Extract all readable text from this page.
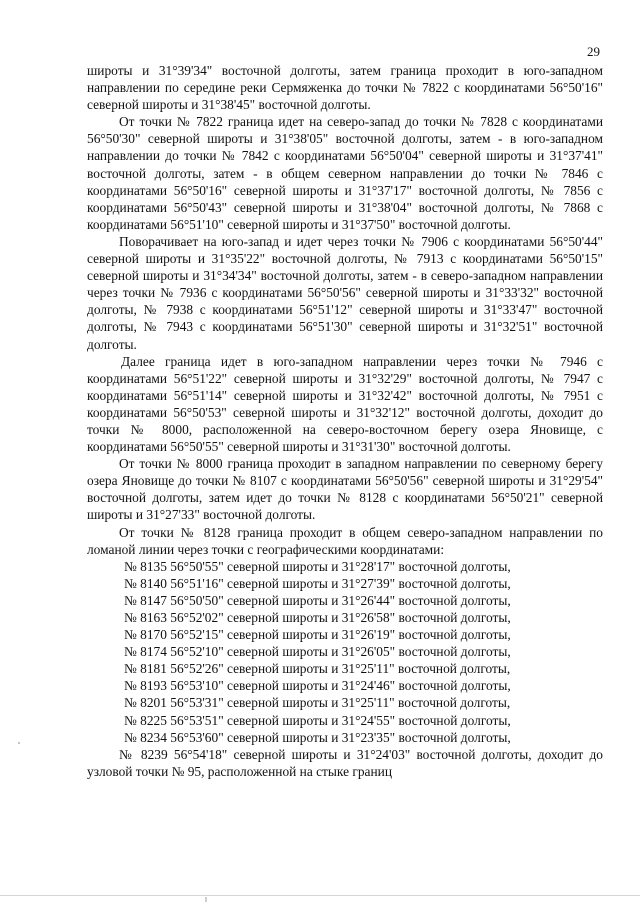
29

широты и 31°39'34" восточной долготы, затем граница проходит в юго-западном направлении по середине реки Сермяженка до точки № 7822 с координатами 56°50'16" северной широты и 31°38'45" восточной долготы.

От точки № 7822 граница идет на северо-запад до точки № 7828 с координатами 56°50'30" северной широты и 31°38'05" восточной долготы, затем - в юго-западном направлении до точки № 7842 с координатами 56°50'04" северной широты и 31°37'41" восточной долготы, затем - в общем северном направлении до точки № 7846 с координатами 56°50'16" северной широты и 31°37'17" восточной долготы, № 7856 с координатами 56°50'43" северной широты и 31°38'04" восточной долготы, № 7868 с координатами 56°51'10" северной широты и 31°37'50" восточной долготы.

Поворачивает на юго-запад и идет через точки № 7906 с координатами 56°50'44" северной широты и 31°35'22" восточной долготы, № 7913 с координатами 56°50'15" северной широты и 31°34'34" восточной долготы, затем - в северо-западном направлении через точки № 7936 с координатами 56°50'56" северной широты и 31°33'32" восточной долготы, № 7938 с координатами 56°51'12" северной широты и 31°33'47" восточной долготы, № 7943 с координатами 56°51'30" северной широты и 31°32'51" восточной долготы.

Далее граница идет в юго-западном направлении через точки № 7946 с координатами 56°51'22" северной широты и 31°32'29" восточной долготы, № 7947 с координатами 56°51'14" северной широты и 31°32'42" восточной долготы, № 7951 с координатами 56°50'53" северной широты и 31°32'12" восточной долготы, доходит до точки № 8000, расположенной на северо-восточном берегу озера Яновище, с координатами 56°50'55" северной широты и 31°31'30" восточной долготы.

От точки № 8000 граница проходит в западном направлении по северному берегу озера Яновище до точки № 8107 с координатами 56°50'56" северной широты и 31°29'54" восточной долготы, затем идет до точки № 8128 с координатами 56°50'21" северной широты и 31°27'33" восточной долготы.

От точки № 8128 граница проходит в общем северо-западном направлении по ломаной линии через точки с географическими координатами:

№ 8135 56°50'55" северной широты и 31°28'17" восточной долготы,
№ 8140 56°51'16" северной широты и 31°27'39" восточной долготы,
№ 8147 56°50'50" северной широты и 31°26'44" восточной долготы,
№ 8163 56°52'02" северной широты и 31°26'58" восточной долготы,
№ 8170 56°52'15" северной широты и 31°26'19" восточной долготы,
№ 8174 56°52'10" северной широты и 31°26'05" восточной долготы,
№ 8181 56°52'26" северной широты и 31°25'11" восточной долготы,
№ 8193 56°53'10" северной широты и 31°24'46" восточной долготы,
№ 8201 56°53'31" северной широты и 31°25'11" восточной долготы,
№ 8225 56°53'51" северной широты и 31°24'55" восточной долготы,
№ 8234 56°53'60" северной широты и 31°23'35" восточной долготы,

№ 8239 56°54'18" северной широты и 31°24'03" восточной долготы, доходит до узловой точки № 95, расположенной на стыке границ
